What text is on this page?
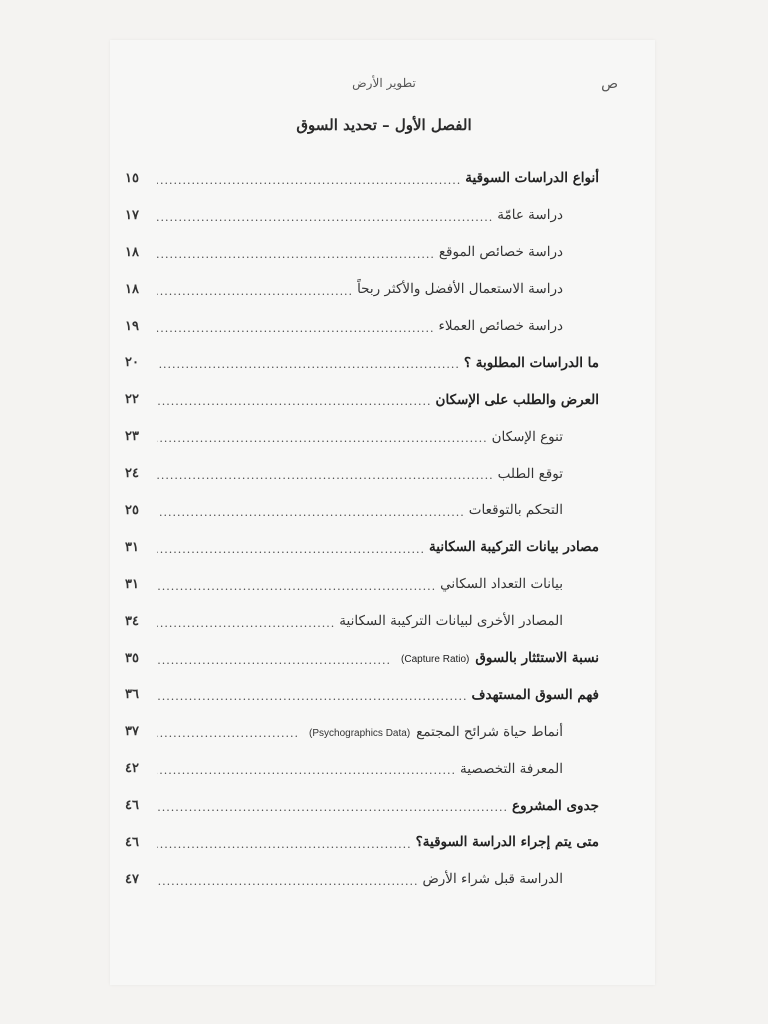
ص
تطوير الأرض
الفصل الأول – تحديد السوق
أنواع الدراسات السوقية
.....
١٥
دراسة عامّة
.....
١٧
دراسة خصائص الموقع
.....
١٨
دراسة الاستعمال الأفضل والأكثر ربحاً
.....
١٨
دراسة خصائص العملاء
.....
١٩
ما الدراسات المطلوبة ؟
.....
٢٠
العرض والطلب على الإسكان
.....
٢٢
تنوع الإسكان
.....
٢٣
توقع الطلب
.....
٢٤
التحكم بالتوقعات
.....
٢٥
مصادر بيانات التركيبة السكانية
.....
٣١
بيانات التعداد السكاني
.....
٣١
المصادر الأخرى لبيانات التركيبة السكانية
.....
٣٤
نسبة الاستئثار بالسوق(Capture Ratio)
.....
٣٥
فهم السوق المستهدف
.....
٣٦
أنماط حياة شرائح المجتمع(Psychographics Data)
.....
٣٧
المعرفة التخصصية
.....
٤٢
جدوى المشروع
.....
٤٦
متى يتم إجراء الدراسة السوقية؟
.....
٤٦
الدراسة قبل شراء الأرض
.....
٤٧
